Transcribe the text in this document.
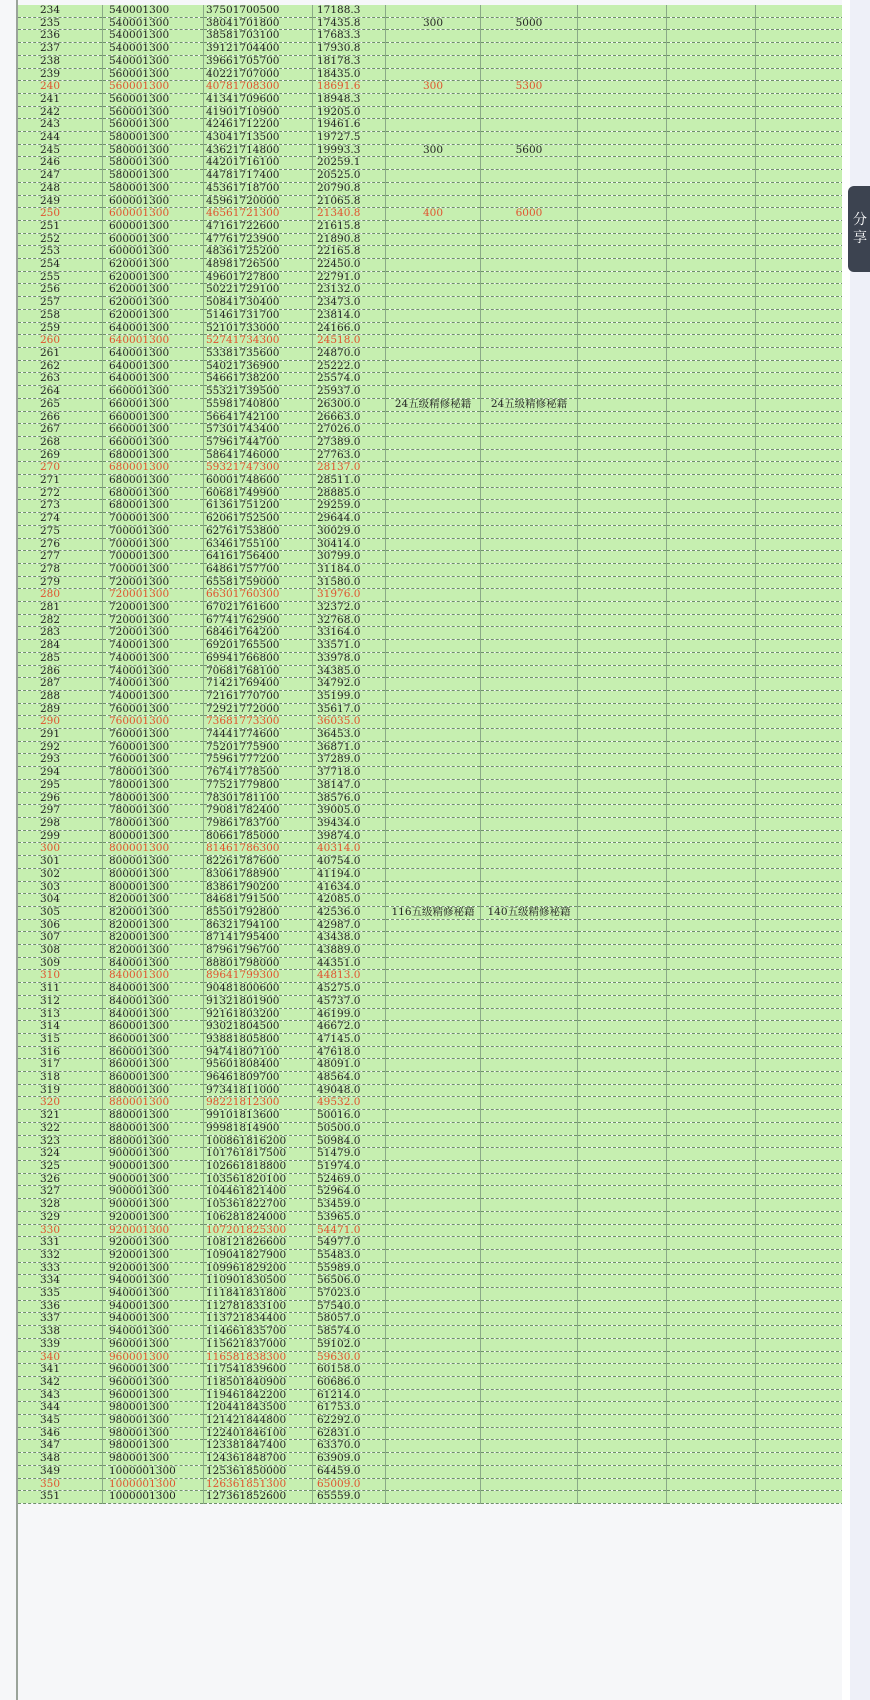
234	540001300	37501700500	17188.3					
235	540001300	38041701800	17435.8	300	5000			
236	540001300	38581703100	17683.3					
237	540001300	39121704400	17930.8					
238	540001300	39661705700	18178.3					
239	560001300	40221707000	18435.0					
240	560001300	40781708300	18691.6	300	5300			
241	560001300	41341709600	18948.3					
242	560001300	41901710900	19205.0					
243	560001300	42461712200	19461.6					
244	580001300	43041713500	19727.5					
245	580001300	43621714800	19993.3	300	5600			
246	580001300	44201716100	20259.1					
247	580001300	44781717400	20525.0					
248	580001300	45361718700	20790.8					
249	600001300	45961720000	21065.8					
250	600001300	46561721300	21340.8	400	6000			
251	600001300	47161722600	21615.8					
252	600001300	47761723900	21890.8					
253	600001300	48361725200	22165.8					
254	620001300	48981726500	22450.0					
255	620001300	49601727800	22791.0					
256	620001300	50221729100	23132.0					
257	620001300	50841730400	23473.0					
258	620001300	51461731700	23814.0					
259	640001300	52101733000	24166.0					
260	640001300	52741734300	24518.0					
261	640001300	53381735600	24870.0					
262	640001300	54021736900	25222.0					
263	640001300	54661738200	25574.0					
264	660001300	55321739500	25937.0					
265	660001300	55981740800	26300.0	24五级精修秘籍	24五级精修秘籍			
266	660001300	56641742100	26663.0					
267	660001300	57301743400	27026.0					
268	660001300	57961744700	27389.0					
269	680001300	58641746000	27763.0					
270	680001300	59321747300	28137.0					
271	680001300	60001748600	28511.0					
272	680001300	60681749900	28885.0					
273	680001300	61361751200	29259.0					
274	700001300	62061752500	29644.0					
275	700001300	62761753800	30029.0					
276	700001300	63461755100	30414.0					
277	700001300	64161756400	30799.0					
278	700001300	64861757700	31184.0					
279	720001300	65581759000	31580.0					
280	720001300	66301760300	31976.0					
281	720001300	67021761600	32372.0					
282	720001300	67741762900	32768.0					
283	720001300	68461764200	33164.0					
284	740001300	69201765500	33571.0					
285	740001300	69941766800	33978.0					
286	740001300	70681768100	34385.0					
287	740001300	71421769400	34792.0					
288	740001300	72161770700	35199.0					
289	760001300	72921772000	35617.0					
290	760001300	73681773300	36035.0					
291	760001300	74441774600	36453.0					
292	760001300	75201775900	36871.0					
293	760001300	75961777200	37289.0					
294	780001300	76741778500	37718.0					
295	780001300	77521779800	38147.0					
296	780001300	78301781100	38576.0					
297	780001300	79081782400	39005.0					
298	780001300	79861783700	39434.0					
299	800001300	80661785000	39874.0					
300	800001300	81461786300	40314.0					
301	800001300	82261787600	40754.0					
302	800001300	83061788900	41194.0					
303	800001300	83861790200	41634.0					
304	820001300	84681791500	42085.0					
305	820001300	85501792800	42536.0	116五级精修秘籍	140五级精修秘籍			
306	820001300	86321794100	42987.0					
307	820001300	87141795400	43438.0					
308	820001300	87961796700	43889.0					
309	840001300	88801798000	44351.0					
310	840001300	89641799300	44813.0					
311	840001300	90481800600	45275.0					
312	840001300	91321801900	45737.0					
313	840001300	92161803200	46199.0					
314	860001300	93021804500	46672.0					
315	860001300	93881805800	47145.0					
316	860001300	94741807100	47618.0					
317	860001300	95601808400	48091.0					
318	860001300	96461809700	48564.0					
319	880001300	97341811000	49048.0					
320	880001300	98221812300	49532.0					
321	880001300	99101813600	50016.0					
322	880001300	99981814900	50500.0					
323	880001300	100861816200	50984.0					
324	900001300	101761817500	51479.0					
325	900001300	102661818800	51974.0					
326	900001300	103561820100	52469.0					
327	900001300	104461821400	52964.0					
328	900001300	105361822700	53459.0					
329	920001300	106281824000	53965.0					
330	920001300	107201825300	54471.0					
331	920001300	108121826600	54977.0					
332	920001300	109041827900	55483.0					
333	920001300	109961829200	55989.0					
334	940001300	110901830500	56506.0					
335	940001300	111841831800	57023.0					
336	940001300	112781833100	57540.0					
337	940001300	113721834400	58057.0					
338	940001300	114661835700	58574.0					
339	960001300	115621837000	59102.0					
340	960001300	116581838300	59630.0					
341	960001300	117541839600	60158.0					
342	960001300	118501840900	60686.0					
343	960001300	119461842200	61214.0					
344	980001300	120441843500	61753.0					
345	980001300	121421844800	62292.0					
346	980001300	122401846100	62831.0					
347	980001300	123381847400	63370.0					
348	980001300	124361848700	63909.0					
349	1000001300	125361850000	64459.0					
350	1000001300	126361851300	65009.0					
351	1000001300	127361852600	65559.0					
分
享
